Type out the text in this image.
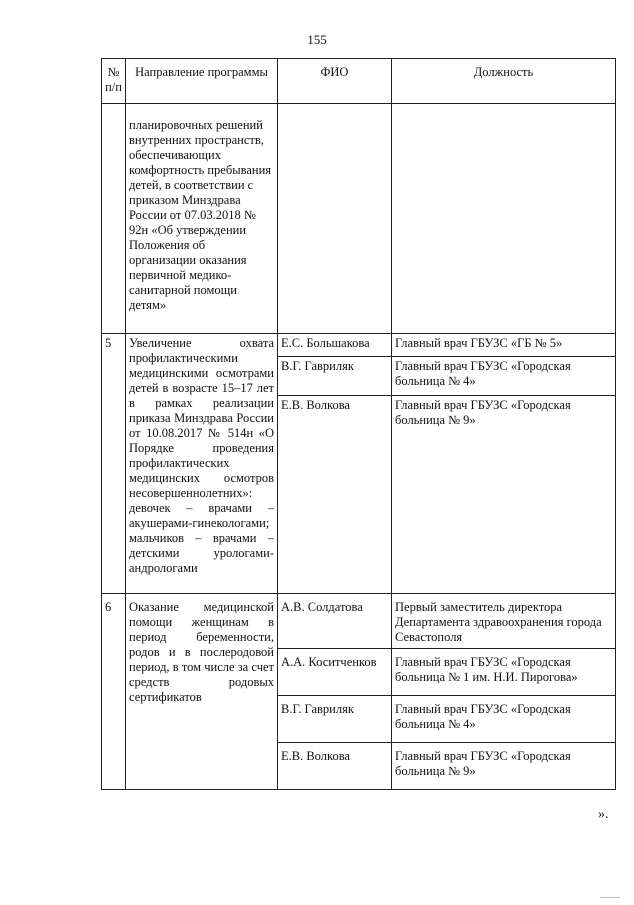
155
№ п/п	Направление программы	ФИО	Должность
	планировочных решений внутренних пространств, обеспечивающих комфортность пребывания детей, в соответствии с приказом Минздрава России от 07.03.2018 № 92н «Об утверждении Положения об организации оказания первичной медико-санитарной помощи детям»		
5	Увеличение охвата профилактическими медицинскими осмотрами детей в возрасте 15–17 лет в рамках реализации приказа Минздрава России от 10.08.2017 № 514н «О Порядке проведения профилактических медицинских осмотров несовершеннолетних»: девочек – врачами – акушерами-гинекологами; мальчиков – врачами – детскими урологами-андрологами	Е.С. Большакова	Главный врач ГБУЗС «ГБ № 5»
		В.Г. Гавриляк	Главный врач ГБУЗС «Городская больница № 4»
		Е.В. Волкова	Главный врач ГБУЗС «Городская больница № 9»
6	Оказание медицинской помощи женщинам в период беременности, родов и в послеродовой период, в том числе за счет средств родовых сертификатов	А.В. Солдатова	Первый заместитель директора Департамента здравоохранения города Севастополя
		А.А. Коситченков	Главный врач ГБУЗС «Городская больница № 1 им. Н.И. Пирогова»
		В.Г. Гавриляк	Главный врач ГБУЗС «Городская больница № 4»
		Е.В. Волкова	Главный врач ГБУЗС «Городская больница № 9»
».
